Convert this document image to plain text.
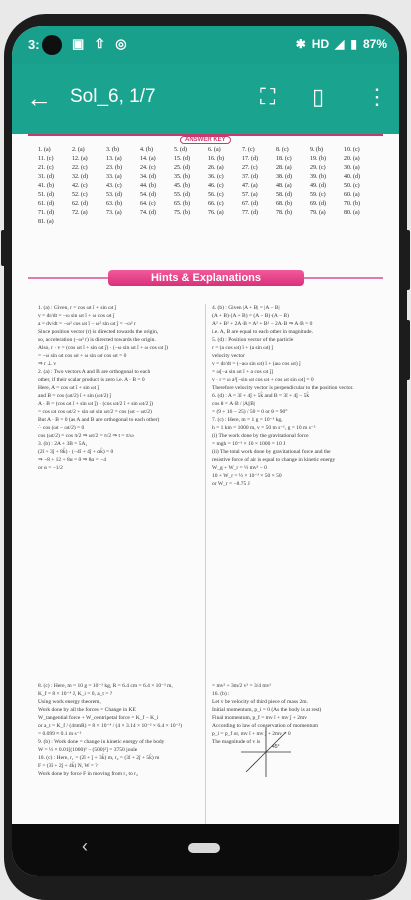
3: ▣ ⇧ ◎	✱ HD ◢ ▮ 87%
← Sol_6, 1/7	⛶ ▯ ⋮
ANSWER KEY
1. (a)	2. (a)	3. (b)	4. (b)	5. (d)	6. (a)	7. (c)	8. (c)	9. (b)	10. (c)
11. (c)	12. (a)	13. (a)	14. (a)	15. (d)	16. (b)	17. (d)	18. (c)	19. (b)	20. (a)
21. (c)	22. (c)	23. (b)	24. (c)	25. (d)	26. (a)	27. (c)	28. (a)	29. (c)	30. (a)
31. (d)	32. (d)	33. (a)	34. (d)	35. (b)	36. (c)	37. (d)	38. (d)	39. (b)	40. (d)
41. (b)	42. (c)	43. (c)	44. (b)	45. (b)	46. (c)	47. (a)	48. (a)	49. (d)	50. (c)
51. (d)	52. (c)	53. (d)	54. (d)	55. (d)	56. (c)	57. (a)	58. (d)	59. (c)	60. (a)
61. (d)	62. (d)	63. (b)	64. (c)	65. (b)	66. (c)	67. (d)	68. (b)	69. (d)	70. (b)
71. (d)	72. (a)	73. (a)	74. (d)	75. (b)	76. (a)	77. (d)	78. (b)	79. (a)	80. (a)
81. (a)
Hints & Explanations
1. (a) : Given, r = cos ωt î + sin ωt ĵ
v = dr/dt = −ω sin ωt î + ω cos ωt ĵ
a = dv/dt = −ω² cos ωt î − ω² sin ωt ĵ = −ω² r
Since position vector (r) is directed towards the origin,
so, acceleration (−ω² r) is directed towards the origin.
Also, r · v = (cos ωt î + sin ωt ĵ) · (−ω sin ωt î + ω cos ωt ĵ)
= −ω sin ωt cos ωt + ω sin ωt cos ωt = 0
⇒ r ⊥ v
2. (a) : Two vectors A and B are orthogonal to each
other, if their scalar product is zero i.e. A · B = 0
Here, A = cos ωt î + sin ωt ĵ
and B = cos (ωt/2) î + sin (ωt/2) ĵ
A · B = (cos ωt î + sin ωt ĵ) · (cos ωt/2 î + sin ωt/2 ĵ)
= cos ωt cos ωt/2 + sin ωt sin ωt/2 = cos (ωt − ωt/2)
But A · B = 0 (as A and B are orthogonal to each other)
∴ cos (ωt − ωt/2) = 0
cos (ωt/2) = cos π/2 ⇒ ωt/2 = π/2 ⇒ t = π/ω
3. (b) : 2A + 3B = 5A₁
(2î + 3ĵ + 8k̂) · (−4î + 4ĵ + αk̂) = 0
⇒ −8 + 12 + 8α = 0 ⇒ 8α = −4
or α = −1/2
4. (b) : Given |A + B| = |A − B|
(A + B)·(A + B) = (A − B)·(A − B)
A² + B² + 2A·B = A² + B² − 2A·B ⇒ A·B = 0
i.e. A, B are equal to each other in magnitude.
5. (d) : Position vector of the particle
r = (a cos ωt) î + (a sin ωt) ĵ
velocity vector
v = dr/dt = (−aω sin ωt) î + (aω cos ωt) ĵ
= ω[−a sin ωt î + a cos ωt ĵ]
v · r = ω a²[−sin ωt cos ωt + cos ωt sin ωt] = 0
Therefore velocity vector is perpendicular to the position vector.
6. (d) : A = 3î + 4ĵ + 5k̂ and B = 3î + 4ĵ − 5k̂
cos θ = A·B / |A||B|
= (9 + 16 − 25) / 50 = 0 or θ = 90°
7. (c) : Here, m = 1 g = 10⁻³ kg,
h = 1 km = 1000 m, v = 50 m s⁻¹, g = 10 m s⁻²
(i) The work done by the gravitational force
= mgh = 10⁻³ × 10 × 1000 = 10 J
(ii) The total work done by gravitational force and the
resistive force of air is equal to change in kinetic energy
W_g + W_r = ½ mv² − 0
10 + W_r = ½ × 10⁻³ × 50 × 50
or W_r = −8.75 J
8. (c) : Here, m = 10 g = 10⁻² kg, R = 6.4 cm = 6.4 × 10⁻² m,
K_f = 8 × 10⁻⁴ J, K_i = 0, a_t = ?
Using work energy theorem,
Work done by all the forces = Change in KE
W_tangential force + W_centripetal force = K_f − K_i
or a_t = K_f / (4πmR) = 8 × 10⁻⁴ / (4 × 3.14 × 10⁻² × 6.4 × 10⁻²)
= 0.099 ≈ 0.1 m s⁻²
9. (b) : Work done = change in kinetic energy of the body
W = ½ × 0.01[(1000)² − (500)²] = 3750 joule
10. (c) : Here, r₁ = (2î + ĵ + 3k̂) m, r₂ = (3î + 2ĵ + 5k̂) m
F = (3î + 2ĵ + 4k̂) N, W = ?
Work done by force F in moving from r₁ to r₂
= mv² + 3m/2 v² = 3/4 mv²
16. (b) :
Let v be velocity of third piece of mass 2m.
Initial momentum, p_i = 0 (As the body is at rest)
Final momentum, p_f = mv î + mv ĵ + 2mv
According to law of conservation of momentum
p_i = p_f or, mv î + mv ĵ + 2mv = 0
The magnitude of v is
45°
‹
